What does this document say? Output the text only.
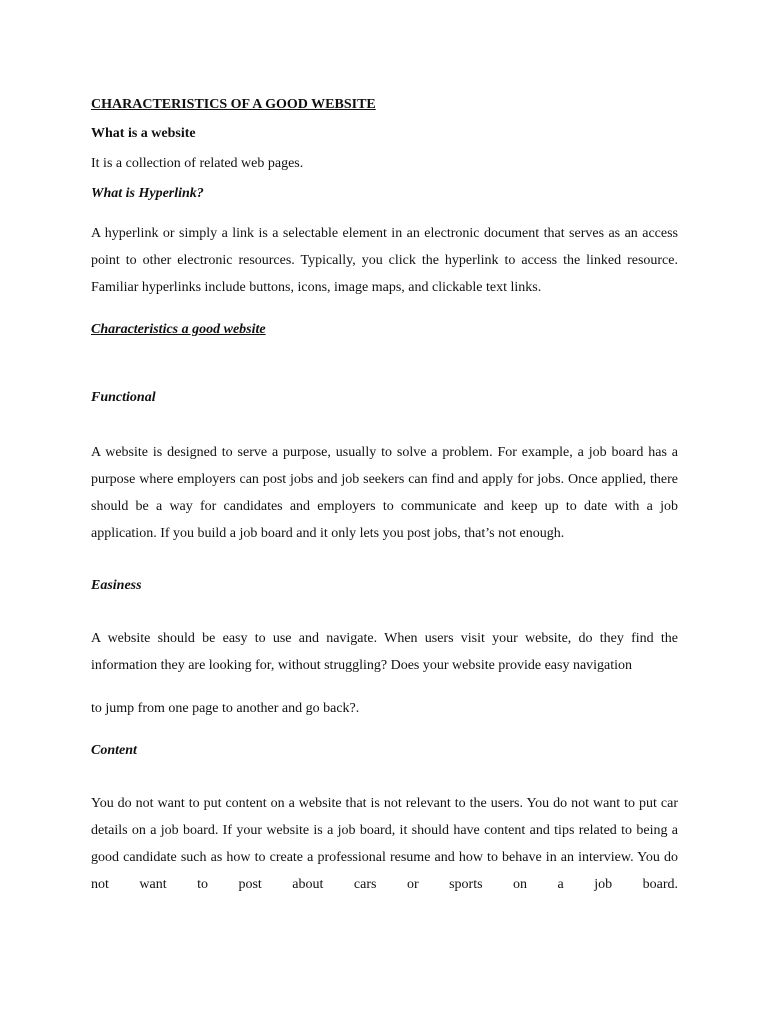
CHARACTERISTICS OF A GOOD WEBSITE

What is a website

It is a collection of related web pages.

What is Hyperlink?

A hyperlink or simply a link is a selectable element in an electronic document that serves as an access point to other electronic resources. Typically, you click the hyperlink to access the linked resource. Familiar hyperlinks include buttons, icons, image maps, and clickable text links.

Characteristics a good website

Functional

A website is designed to serve a purpose, usually to solve a problem. For example, a job board has a purpose where employers can post jobs and job seekers can find and apply for jobs. Once applied, there should be a way for candidates and employers to communicate and keep up to date with a job application. If you build a job board and it only lets you post jobs, that’s not enough.

Easiness

A website should be easy to use and navigate. When users visit your website, do they find the information they are looking for, without struggling? Does your website provide easy navigation

to jump from one page to another and go back?.

Content

You do not want to put content on a website that is not relevant to the users. You do not want to put car details on a job board. If your website is a job board, it should have content and tips related to being a good candidate such as how to create a professional resume and how to behave in an interview. You do not want to post about cars or sports on a job board.
